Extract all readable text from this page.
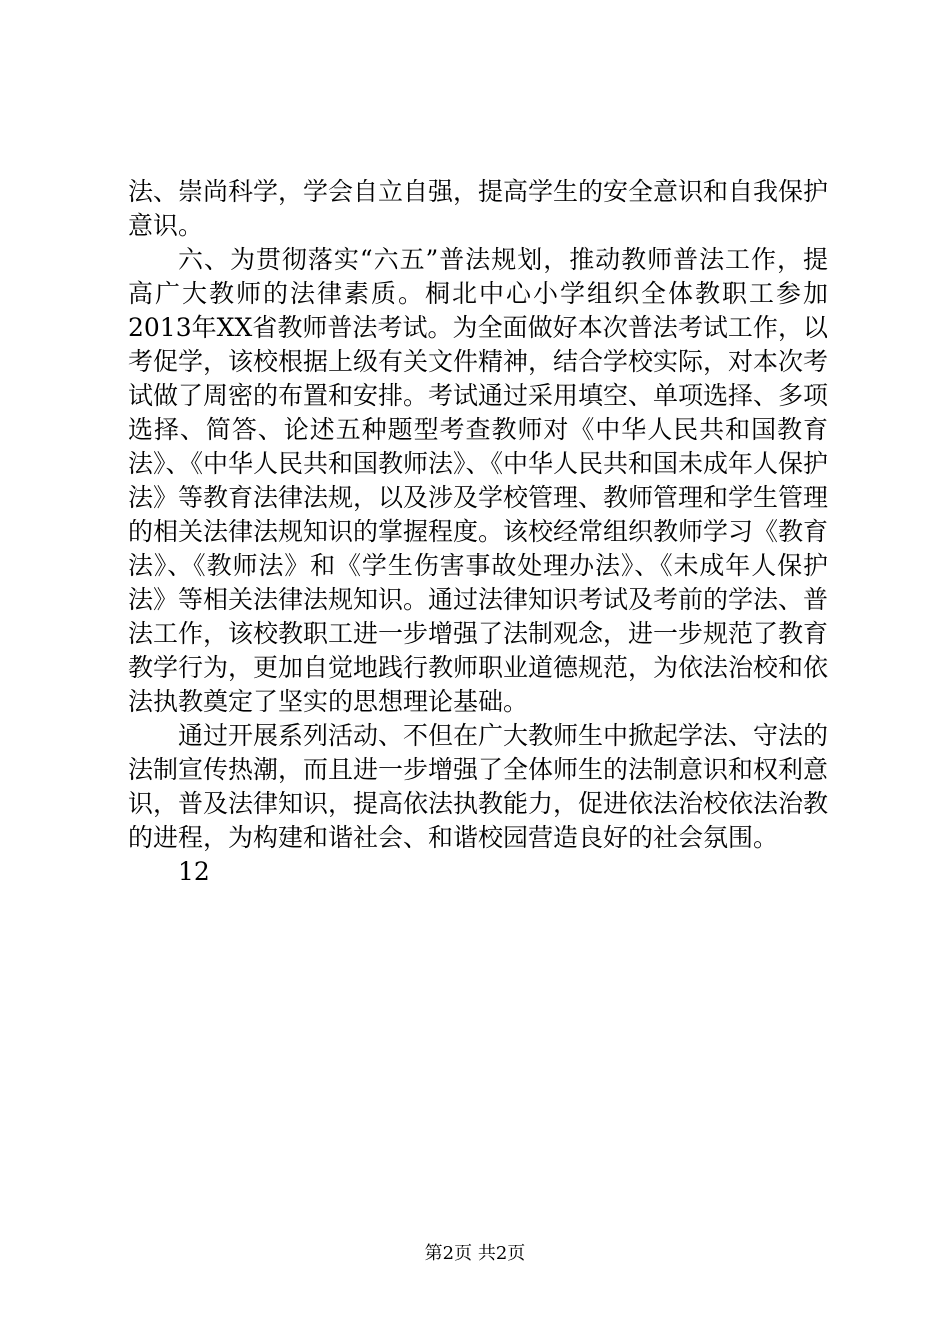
法、崇尚科学，学会自立自强，提高学生的安全意识和自我保护意识。

六、为贯彻落实“六五”普法规划，推动教师普法工作，提高广大教师的法律素质。桐北中心小学组织全体教职工参加2013年XX省教师普法考试。为全面做好本次普法考试工作，以考促学，该校根据上级有关文件精神，结合学校实际，对本次考试做了周密的布置和安排。考试通过采用填空、单项选择、多项选择、简答、论述五种题型考查教师对《中华人民共和国教育法》、《中华人民共和国教师法》、《中华人民共和国未成年人保护法》等教育法律法规，以及涉及学校管理、教师管理和学生管理的相关法律法规知识的掌握程度。该校经常组织教师学习《教育法》、《教师法》和《学生伤害事故处理办法》、《未成年人保护法》等相关法律法规知识。通过法律知识考试及考前的学法、普法工作，该校教职工进一步增强了法制观念，进一步规范了教育教学行为，更加自觉地践行教师职业道德规范，为依法治校和依法执教奠定了坚实的思想理论基础。

通过开展系列活动、不但在广大教师生中掀起学法、守法的法制宣传热潮，而且进一步增强了全体师生的法制意识和权利意识，普及法律知识，提高依法执教能力，促进依法治校依法治教的进程，为构建和谐社会、和谐校园营造良好的社会氛围。

12

第2页 共2页
